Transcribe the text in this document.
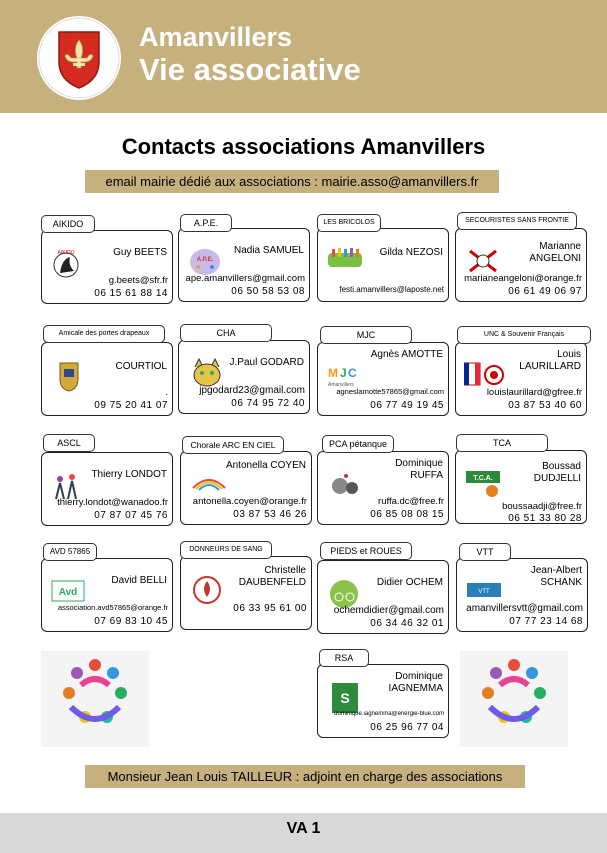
Amanvillers
Vie associative
Contacts associations Amanvillers
email mairie dédié aux associations : mairie.asso@amanvillers.fr
AIKIDO
AIKIDO	Guy BEETS
g.beets@sfr.fr
06 15 61 88 14
A.P.E.
A.P.E.
Nadia SAMUEL
ape.amanvillers@gmail.com
06 50 58 53 08
LES BRICOLOS
Gilda NEZOSI
festi.amanvillers@laposte.net
SECOURISTES SANS FRONTIE
Marianne ANGELONI
marianeangeloni@orange.fr
06 61 49 06 97
Amicale des portes drapeaux
COURTIOL
.
09 75 20 41 07
CHA
J.Paul GODARD
jpgodard23@gmail.com
06 74 95 72 40
MJC
M J C
Amanvillers
Agnès AMOTTE
agneslamotte57865@gmail.com
06 77 49 19 45
UNC & Souvenir Français
Louis LAURILLARD
louislaurillard@gfree.fr
03 87 53 40 60
ASCL
Thierry LONDOT
thierry.londot@wanadoo.fr
07 87 07 45 76
Chorale ARC EN CIEL
Antonella COYEN
antonella.coyen@orange.fr
03 87 53 46 26
PCA pétanque
Dominique RUFFA
ruffa.dc@free.fr
06 85 08 08 15
TCA
T.C.A.
Boussad DUDJELLI
boussaadji@free.fr
06 51 33 80 28
AVD 57865
Avd
David BELLI
association.avd57865@orange.fr
07 69 83 10 45
DONNEURS DE SANG
Christelle DAUBENFELD
06 33 95 61 00
PIEDS et ROUES
Didier OCHEM
ochemdidier@gmail.com
06 34 46 32 01
VTT
VTT
Jean-Albert SCHANK
amanvillersvtt@gmail.com
07 77 23 14 68
RSA
S
Dominique IAGNEMMA
dominique.iagnemma@energie-blue.com
06 25 96 77 04
Monsieur Jean Louis TAILLEUR : adjoint en charge des associations
VA 1
